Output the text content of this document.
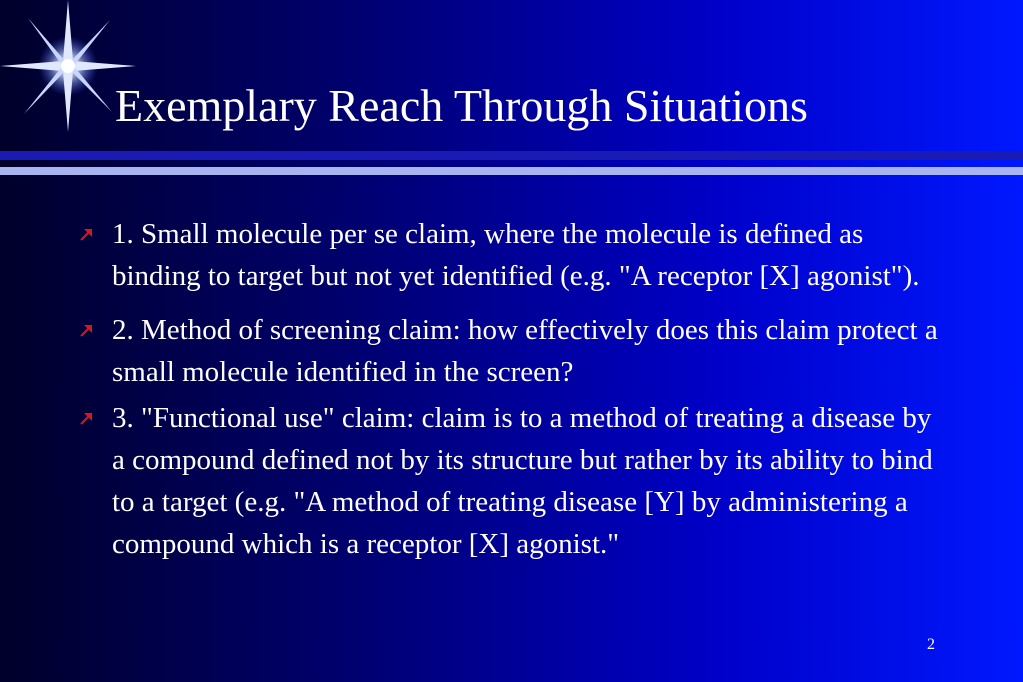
Exemplary Reach Through Situations
1. Small molecule per se claim, where the molecule is defined as binding to target but not yet identified (e.g. "A receptor [X] agonist").
2. Method of screening claim: how effectively does this claim protect a small molecule identified in the screen?
3. "Functional use" claim: claim is to a method of treating a disease by a compound defined not by its structure but rather by its ability to bind to a target (e.g. "A method of treating disease [Y] by administering a compound which is a receptor [X] agonist."
2
